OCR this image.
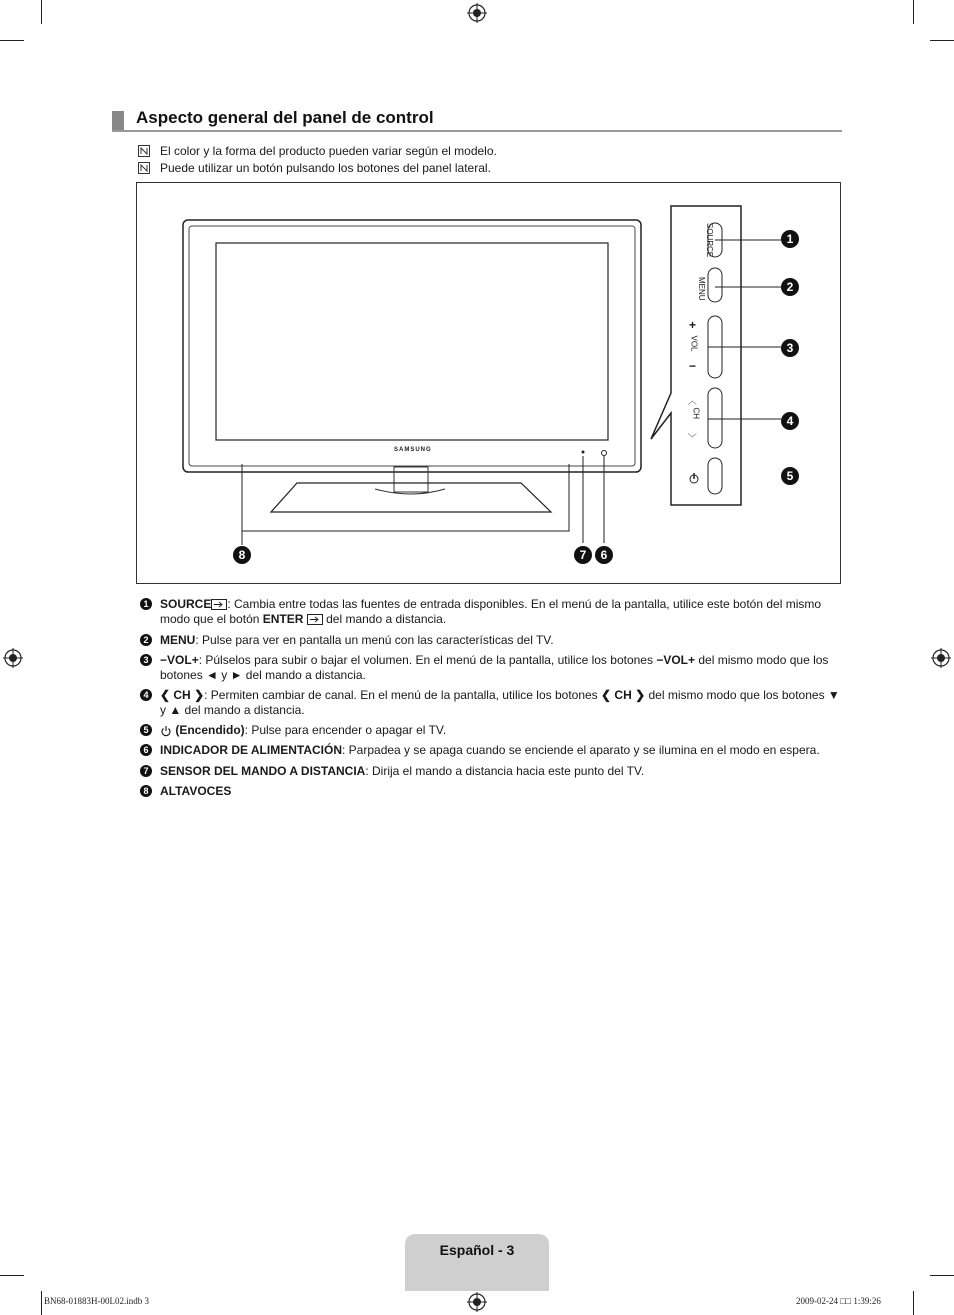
Aspecto general del panel de control
El color y la forma del producto pueden variar según el modelo.
Puede utilizar un botón pulsando los botones del panel lateral.
SAMSUNG
SOURCE
MENU
+
VOL
−
〈
CH
〉
1
2
3
4
5
6
7
8
1 SOURCE : Cambia entre todas las fuentes de entrada disponibles. En el menú de la pantalla, utilice este botón del mismo modo que el botón ENTER  del mando a distancia.
2 MENU: Pulse para ver en pantalla un menú con las características del TV.
3 −VOL+: Púlselos para subir o bajar el volumen. En el menú de la pantalla, utilice los botones −VOL+ del mismo modo que los botones ◄ y ► del mando a distancia.
4 ❮ CH ❯: Permiten cambiar de canal. En el menú de la pantalla, utilice los botones ❮ CH ❯ del mismo modo que los botones ▼ y ▲ del mando a distancia.
5	(Encendido): Pulse para encender o apagar el TV.
6 INDICADOR DE ALIMENTACIÓN: Parpadea y se apaga cuando se enciende el aparato y se ilumina en el modo en espera.
7 SENSOR DEL MANDO A DISTANCIA: Dirija el mando a distancia hacia este punto del TV.
8 ALTAVOCES
Español - 3
BN68-01883H-00L02.indb 3	2009-02-24 □□ 1:39:26
